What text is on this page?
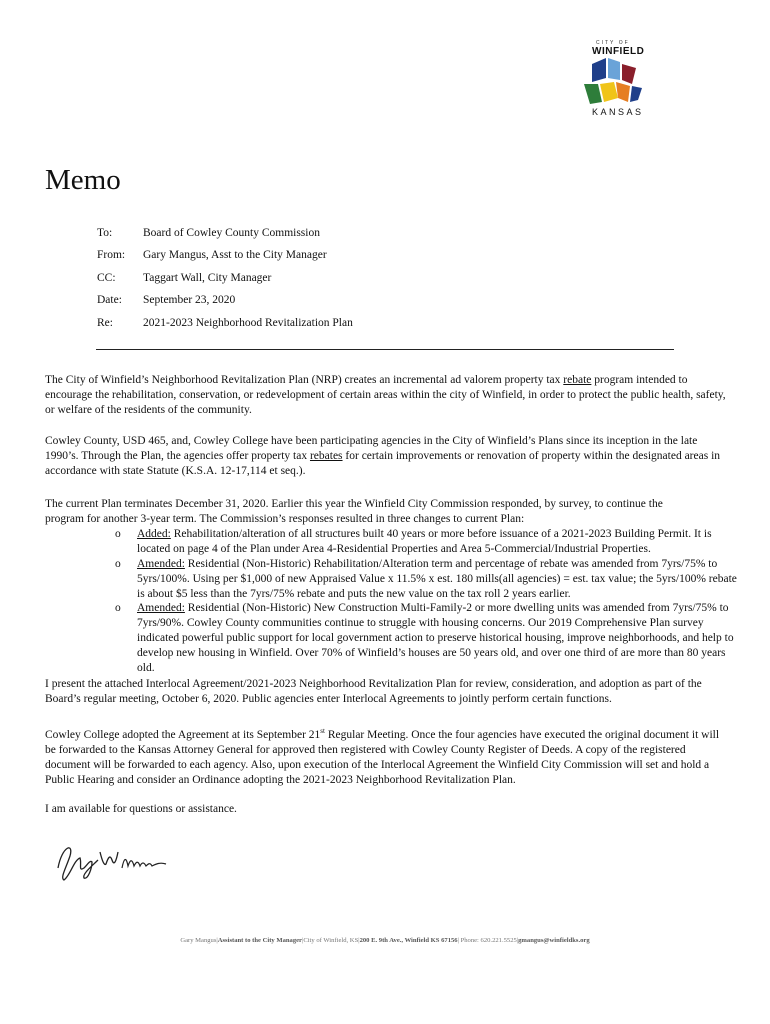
CITY OF
WINFIELD
KANSAS
Memo
To:	Board of Cowley County Commission
From: Gary Mangus, Asst to the City Manager
CC: Taggart Wall, City Manager
Date: September 23, 2020
Re:	2021-2023 Neighborhood Revitalization Plan
The City of Winfield’s Neighborhood Revitalization Plan (NRP) creates an incremental ad valorem property tax rebate program intended to encourage the rehabilitation, conservation, or redevelopment of certain areas within the city of Winfield, in order to protect the public health, safety, or welfare of the residents of the community.
Cowley County, USD 465, and, Cowley College have been participating agencies in the City of Winfield’s Plans since its inception in the late 1990’s. Through the Plan, the agencies offer property tax rebates for certain improvements or renovation of property within the designated areas in accordance with state Statute (K.S.A. 12-17,114 et seq.).

The current Plan terminates December 31, 2020. Earlier this year the Winfield City Commission responded, by survey, to continue the

program for another 3-year term. The Commission’s responses resulted in three changes to current Plan:

o Added: Rehabilitation/alteration of all structures built 40 years or more before issuance of a 2021-2023 Building Permit. It is located on page 4 of the Plan under Area 4-Residential Properties and Area 5-Commercial/Industrial Properties.
o Amended: Residential (Non-Historic) Rehabilitation/Alteration term and percentage of rebate was amended from 7yrs/75% to 5yrs/100%. Using per $1,000 of new Appraised Value x 11.5% x est. 180 mills(all agencies) = est. tax value; the 5yrs/100% rebate is about $5 less than the 7yrs/75% rebate and puts the new value on the tax roll 2 years earlier.
o Amended: Residential (Non-Historic) New Construction Multi-Family-2 or more dwelling units was amended from 7yrs/75% to 7yrs/90%. Cowley County communities continue to struggle with housing concerns. Our 2019 Comprehensive Plan survey indicated powerful public support for local government action to preserve historical housing, improve neighborhoods, and help to develop new housing in Winfield. Over 70% of Winfield’s houses are 50 years old, and over one third of are more than 80 years old.
I present the attached Interlocal Agreement/2021-2023 Neighborhood Revitalization Plan for review, consideration, and adoption as part of the Board’s regular meeting, October 6, 2020. Public agencies enter Interlocal Agreements to jointly perform certain functions.
Cowley College adopted the Agreement at its September 21st Regular Meeting. Once the four agencies have executed the original document it will be forwarded to the Kansas Attorney General for approved then registered with Cowley County Register of Deeds. A copy of the registered document will be forwarded to each agency. Also, upon execution of the Interlocal Agreement the Winfield City Commission will set and hold a Public Hearing and consider an Ordinance adopting the 2021-2023 Neighborhood Revitalization Plan.
I am available for questions or assistance.
Gary Mangus|Assistant to the City Manager|City of Winfield, KS|200 E. 9th Ave., Winfield KS 67156| Phone: 620.221.5525|gmangus@winfieldks.org
